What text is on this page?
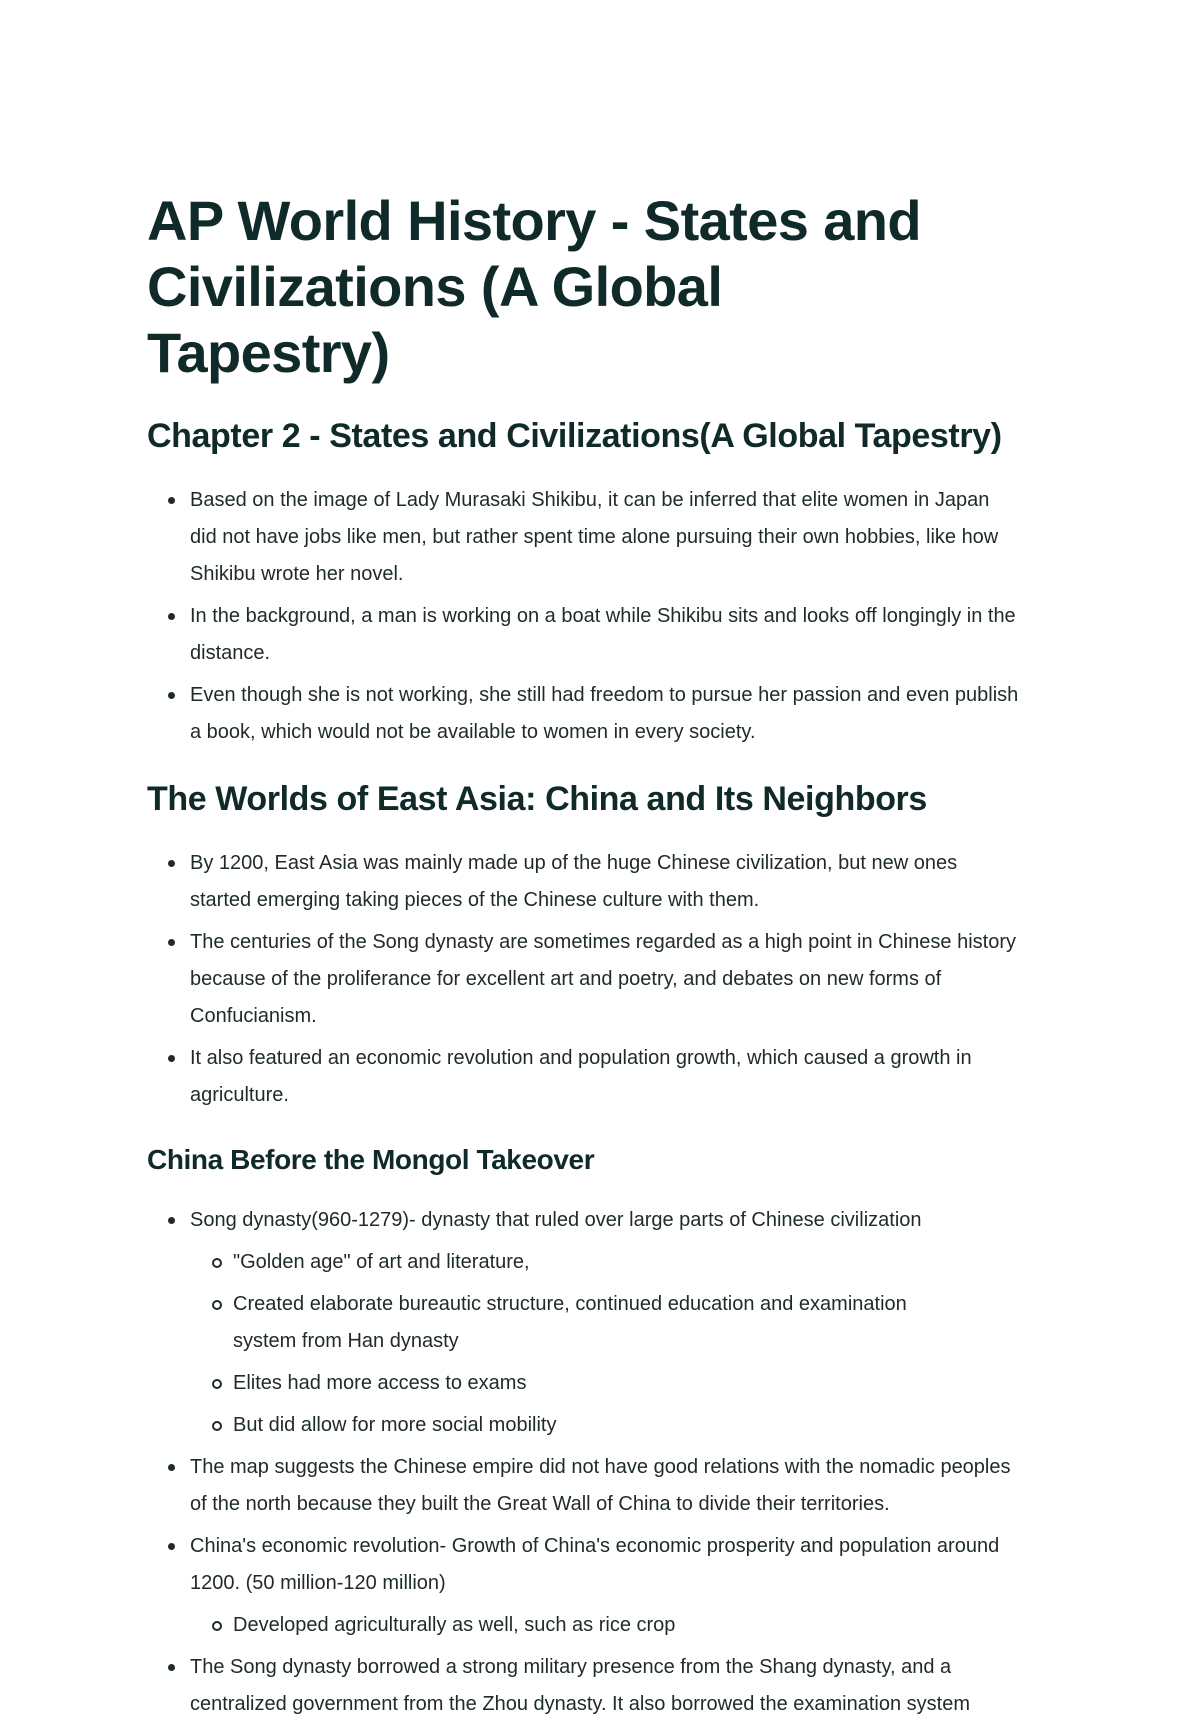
AP World History - States and Civilizations (A Global Tapestry)
Chapter 2 - States and Civilizations(A Global Tapestry)
Based on the image of Lady Murasaki Shikibu, it can be inferred that elite women in Japan did not have jobs like men, but rather spent time alone pursuing their own hobbies, like how Shikibu wrote her novel.
In the background, a man is working on a boat while Shikibu sits and looks off longingly in the distance.
Even though she is not working, she still had freedom to pursue her passion and even publish a book, which would not be available to women in every society.
The Worlds of East Asia: China and Its Neighbors
By 1200, East Asia was mainly made up of the huge Chinese civilization, but new ones started emerging taking pieces of the Chinese culture with them.
The centuries of the Song dynasty are sometimes regarded as a high point in Chinese history because of the proliferance for excellent art and poetry, and debates on new forms of Confucianism.
It also featured an economic revolution and population growth, which caused a growth in agriculture.
China Before the Mongol Takeover
Song dynasty(960-1279)- dynasty that ruled over large parts of Chinese civilization
"Golden age" of art and literature,
Created elaborate bureautic structure, continued education and examination system from Han dynasty
Elites had more access to exams
But did allow for more social mobility
The map suggests the Chinese empire did not have good relations with the nomadic peoples of the north because they built the Great Wall of China to divide their territories.
China's economic revolution- Growth of China's economic prosperity and population around 1200. (50 million-120 million)
Developed agriculturally as well, such as rice crop
The Song dynasty borrowed a strong military presence from the Shang dynasty, and a centralized government from the Zhou dynasty. It also borrowed the examination system
